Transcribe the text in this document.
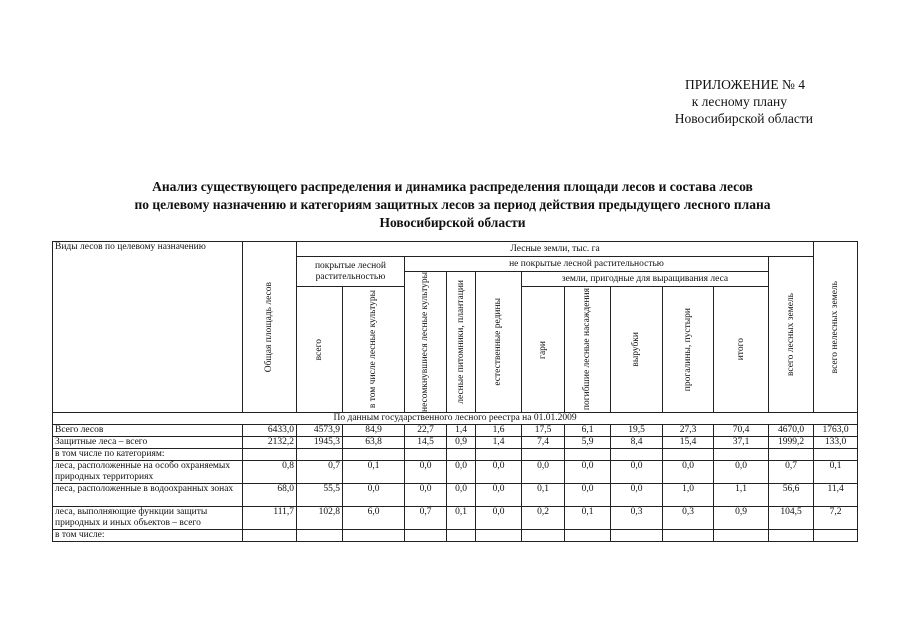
ПРИЛОЖЕНИЕ № 4
к лесному плану
Новосибирской области
Анализ существующего распределения и динамика распределения площади лесов и состава лесов
по целевому назначению и категориям защитных лесов за период действия предыдущего лесного плана
Новосибирской области
Виды лесов по целевому назначению	Общая площадь лесов	Лесные земли, тыс. га											всего нелесных земель

		покрытые лесной растительностью		не покрытые лесной растительностью								всего лесных земель	

				несомкнувшиеся лесные культуры	лесные питомники, плантации	естественные редины	земли, пригодные для выращивания леса						

		всего	в том числе лесные культуры				гари	погибшие лесные насаждения	вырубки	прогалины, пустыри	итого		

По данным государственного лесного реестра на 01.01.2009													
Всего лесов	6433,0	4573,9	84,9	22,7	1,4	1,6	17,5	6,1	19,5	27,3	70,4	4670,0	1763,0
Защитные леса – всего	2132,2	1945,3	63,8	14,5	0,9	1,4	7,4	5,9	8,4	15,4	37,1	1999,2	133,0
в том числе по категориям:													
леса, расположенные на особо охраняемых природных территориях	0,8	0,7	0,1	0,0	0,0	0,0	0,0	0,0	0,0	0,0	0,0	0,7	0,1
леса, расположенные в водоохранных зонах	68,0	55,5	0,0	0,0	0,0	0,0	0,1	0,0	0,0	1,0	1,1	56,6	11,4
леса, выполняющие функции защиты природных и иных объектов – всего	111,7	102,8	6,0	0,7	0,1	0,0	0,2	0,1	0,3	0,3	0,9	104,5	7,2
в том числе:													
